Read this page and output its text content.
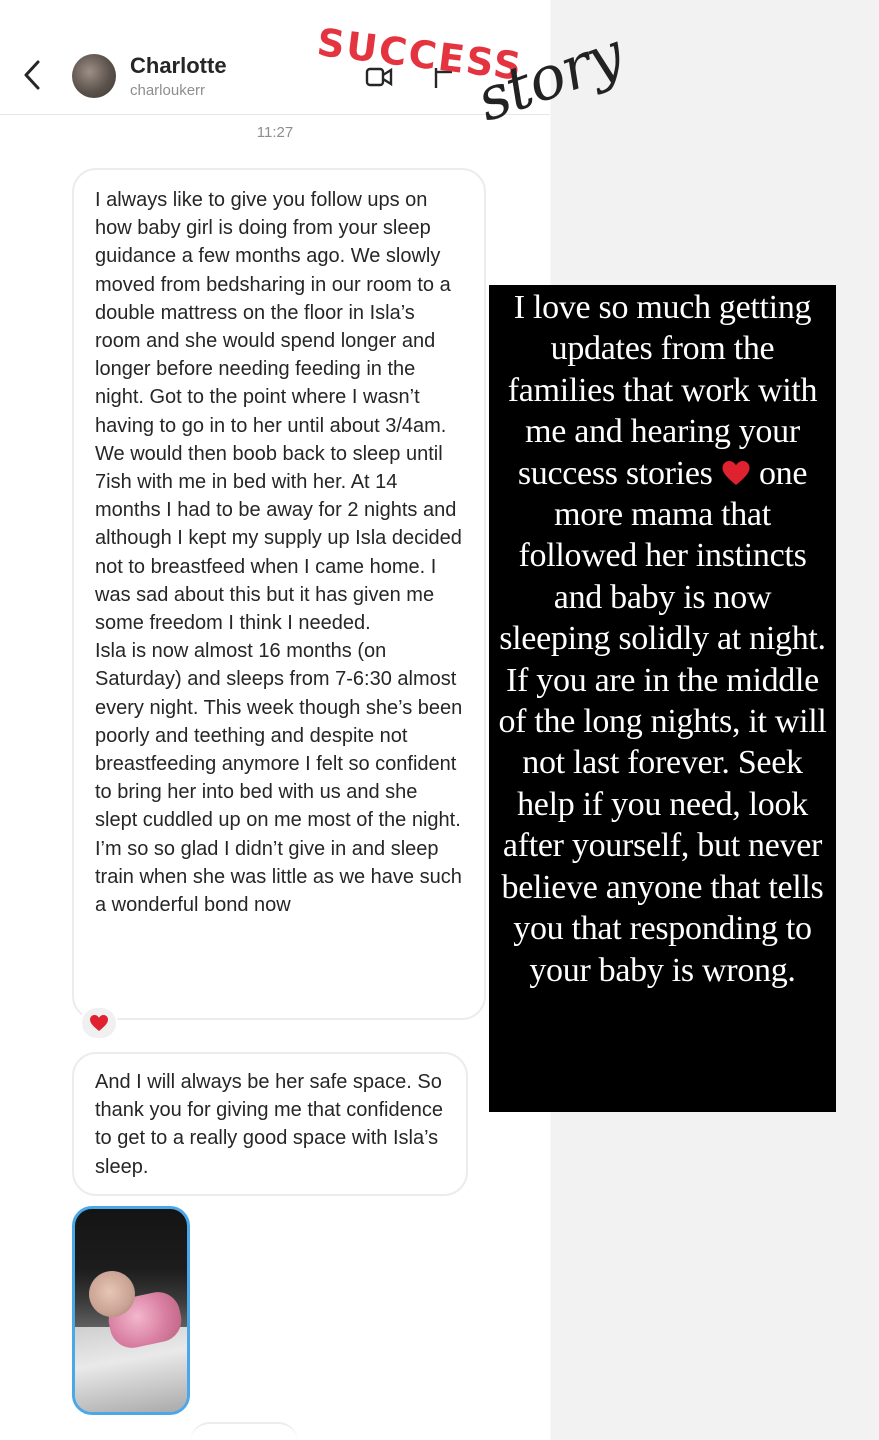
Charlotte
charloukerr
11:27

I always like to give you follow ups on how baby girl is doing from your sleep guidance a few months ago. We slowly moved from bedsharing in our room to a double mattress on the floor in Isla’s room and she would spend longer and longer before needing feeding in the night. Got to the point where I wasn’t having to go in to her until about 3/4am. We would then boob back to sleep until 7ish with me in bed with her. At 14 months I had to be away for 2 nights and although I kept my supply up Isla decided not to breastfeed when I came home. I was sad about this but it has given me some freedom I think I needed.

Isla is now almost 16 months (on Saturday) and sleeps from 7-6:30 almost every night. This week though she’s been poorly and teething and despite not breastfeeding anymore I felt so confident to bring her into bed with us and she slept cuddled up on me most of the night. I’m so so glad I didn’t give in and sleep train when she was little as we have such a wonderful bond now

And I will always be her safe space. So thank you for giving me that confidence to get to a really good space with Isla’s sleep.

SUCCESS
story

I love so much getting updates from the families that work with me and hearing your success stories one more mama that followed her instincts and baby is now sleeping solidly at night. If you are in the middle of the long nights, it will not last forever. Seek help if you need, look after yourself, but never believe anyone that tells you that responding to your baby is wrong.
